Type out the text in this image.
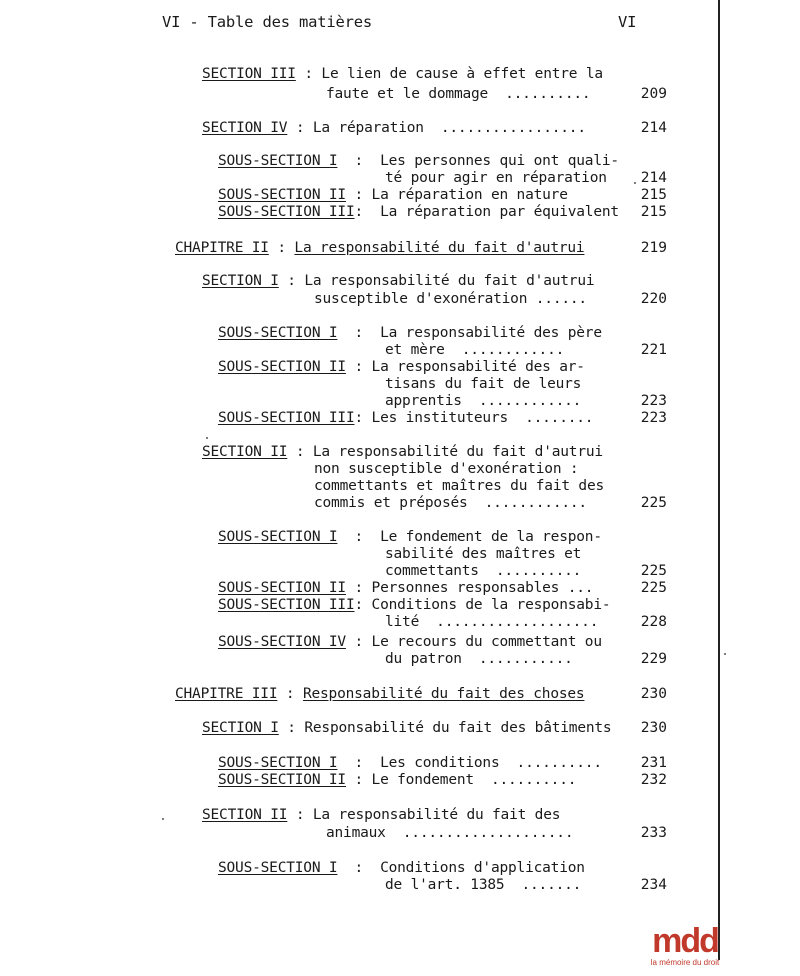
VI - Table des matières	VI
SECTION III : Le lien de cause à effet entre la
faute et le dommage  ..........	209
SECTION IV : La réparation  .................	214
SOUS-SECTION I  :  Les personnes qui ont quali-
té pour agir en réparation	214
SOUS-SECTION II : La réparation en nature	215
SOUS-SECTION III:  La réparation par équivalent	215
CHAPITRE II : La responsabilité du fait d'autrui	219
SECTION I : La responsabilité du fait d'autrui
susceptible d'exonération ......	220
SOUS-SECTION I  :  La responsabilité des père
et mère  ............	221
SOUS-SECTION II : La responsabilité des ar-
tisans du fait de leurs
apprentis  ............	223
SOUS-SECTION III: Les instituteurs  ........	223
SECTION II : La responsabilité du fait d'autrui
non susceptible d'exonération :
commettants et maîtres du fait des
commis et préposés  ............	225
SOUS-SECTION I  :  Le fondement de la respon-
sabilité des maîtres et
commettants  ..........	225
SOUS-SECTION II : Personnes responsables ...	225
SOUS-SECTION III: Conditions de la responsabi-
lité  ...................	228
SOUS-SECTION IV : Le recours du commettant ou
du patron  ...........	229
CHAPITRE III : Responsabilité du fait des choses	230
SECTION I : Responsabilité du fait des bâtiments	230
SOUS-SECTION I  :  Les conditions  ..........	231
SOUS-SECTION II : Le fondement  ..........	232
SECTION II : La responsabilité du fait des
animaux  ....................	233
SOUS-SECTION I  :  Conditions d'application
de l'art. 1385  .......	234
mdd
la mémoire du droit
